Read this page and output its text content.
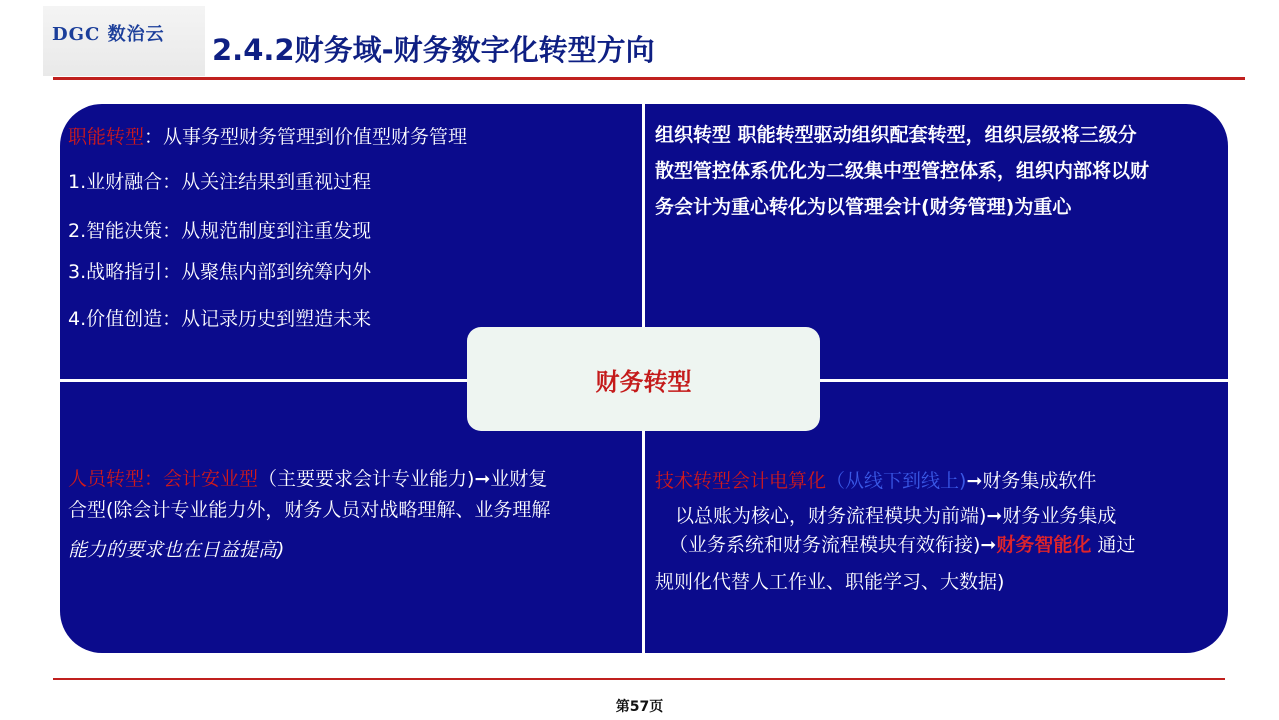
DGC 数治云 2.4.2财务域-财务数字化转型方向
职能转型：从事务型财务管理到价值型财务管理
1.业财融合：从关注结果到重视过程
2.智能决策：从规范制度到注重发现
3.战略指引：从聚焦内部到统筹内外
4.价值创造：从记录历史到塑造未来
组织转型 职能转型驱动组织配套转型，组织层级将三级分
散型管控体系优化为二级集中型管控体系，组织内部将以财
务会计为重心转化为以管理会计(财务管理)为重心
财务转型
人员转型：会计安业型（主要要求会计专业能力)➞业财复
合型(除会计专业能力外，财务人员对战略理解、业务理解
能力的要求也在日益提高)
技术转型会计电算化（从线下到线上)➞财务集成软件
以总账为核心，财务流程模块为前端)➞财务业务集成
（业务系统和财务流程模块有效衔接)➞财务智能化 通过
规则化代替人工作业、职能学习、大数据)
第57页
